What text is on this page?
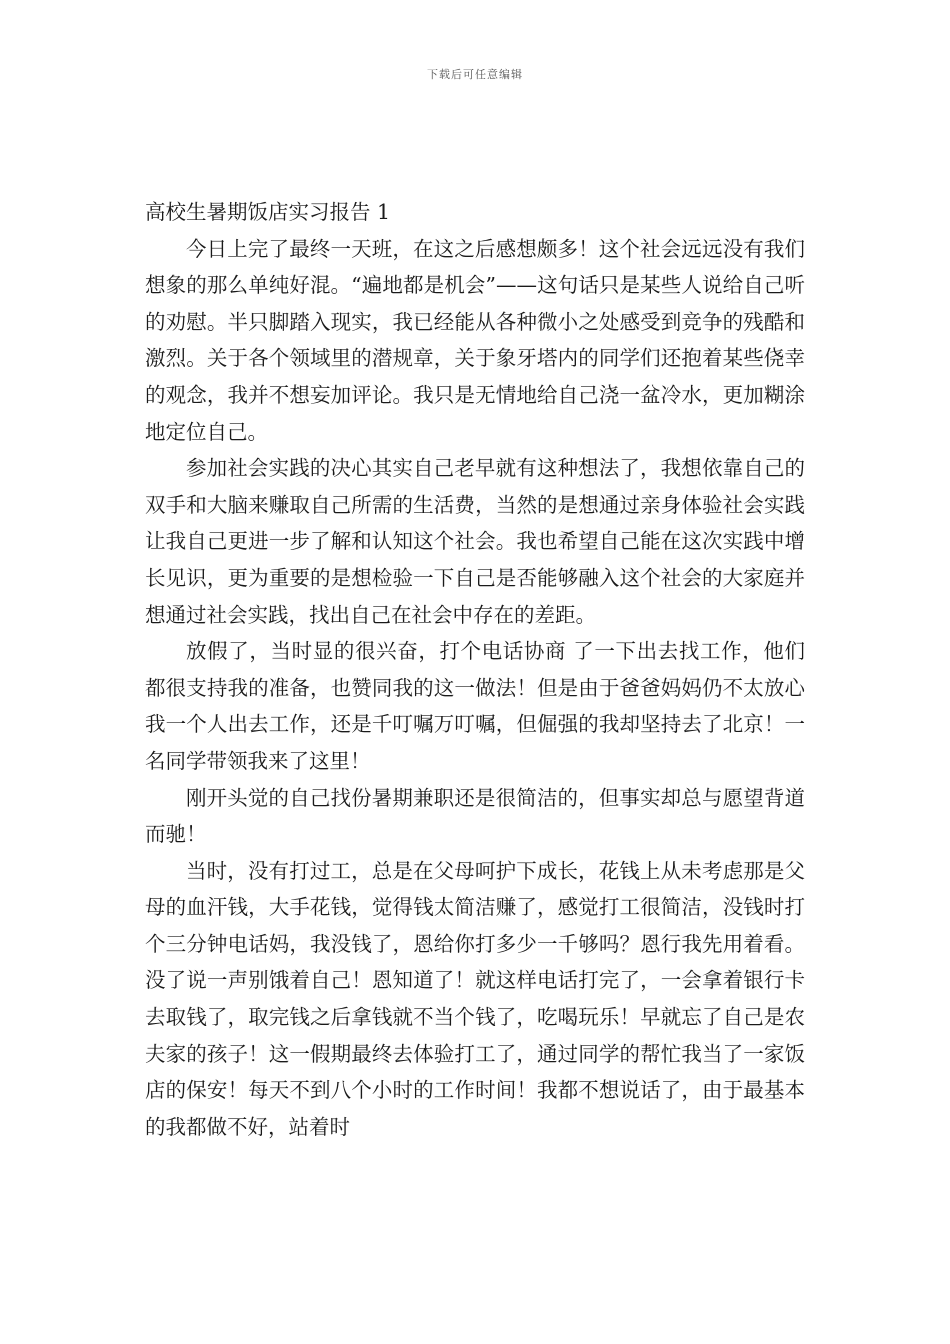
下载后可任意编辑
高校生暑期饭店实习报告 1

今日上完了最终一天班，在这之后感想颇多！这个社会远远没有我们想象的那么单纯好混。“遍地都是机会”——这句话只是某些人说给自己听的劝慰。半只脚踏入现实，我已经能从各种微小之处感受到竞争的残酷和激烈。关于各个领域里的潜规章，关于象牙塔内的同学们还抱着某些侥幸的观念，我并不想妄加评论。我只是无情地给自己浇一盆冷水，更加糊涂地定位自己。

参加社会实践的决心其实自己老早就有这种想法了，我想依靠自己的双手和大脑来赚取自己所需的生活费，当然的是想通过亲身体验社会实践让我自己更进一步了解和认知这个社会。我也希望自己能在这次实践中增长见识，更为重要的是想检验一下自己是否能够融入这个社会的大家庭并想通过社会实践，找出自己在社会中存在的差距。

放假了，当时显的很兴奋，打个电话协商 了一下出去找工作，他们都很支持我的准备，也赞同我的这一做法！但是由于爸爸妈妈仍不太放心我一个人出去工作，还是千叮嘱万叮嘱，但倔强的我却坚持去了北京！一名同学带领我来了这里！

刚开头觉的自己找份暑期兼职还是很简洁的，但事实却总与愿望背道而驰！

当时，没有打过工，总是在父母呵护下成长，花钱上从未考虑那是父母的血汗钱，大手花钱，觉得钱太简洁赚了，感觉打工很简洁，没钱时打个三分钟电话妈，我没钱了，恩给你打多少一千够吗？恩行我先用着看。没了说一声别饿着自己！恩知道了！就这样电话打完了，一会拿着银行卡去取钱了，取完钱之后拿钱就不当个钱了，吃喝玩乐！早就忘了自己是农夫家的孩子！这一假期最终去体验打工了，通过同学的帮忙我当了一家饭店的保安！每天不到八个小时的工作时间！我都不想说话了，由于最基本的我都做不好，站着时
